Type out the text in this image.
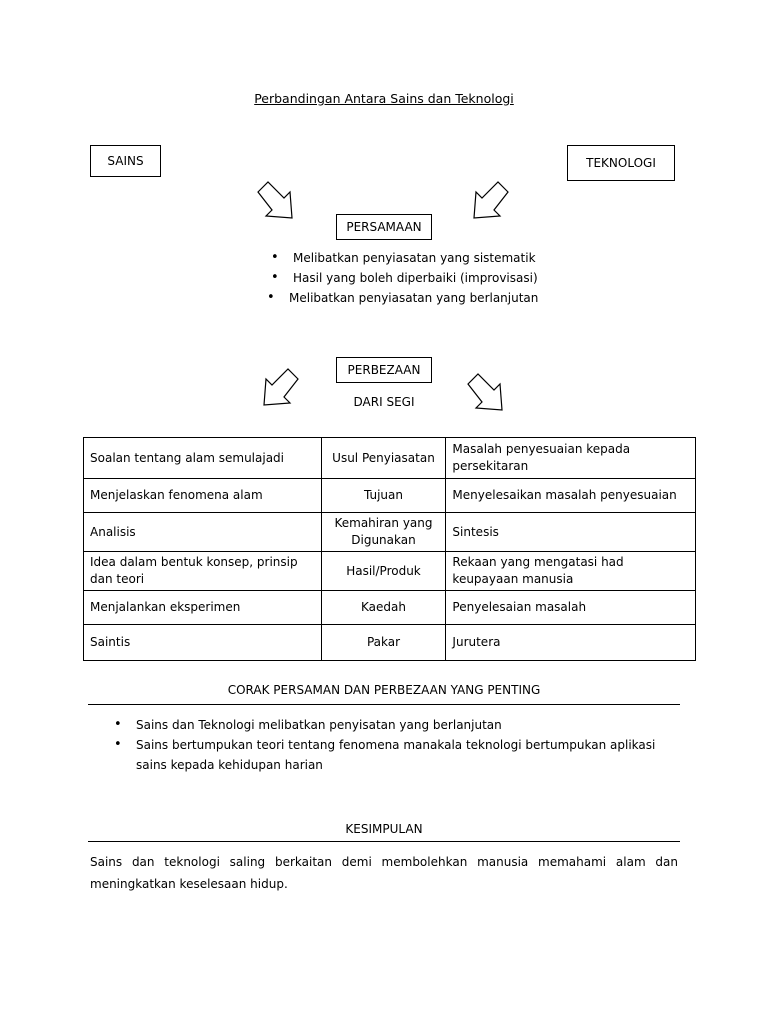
Perbandingan Antara Sains dan Teknologi
SAINS	TEKNOLOGI
PERSAMAAN
• Melibatkan penyiasatan yang sistematik
• Hasil yang boleh diperbaiki (improvisasi)
• Melibatkan penyiasatan yang berlanjutan
PERBEZAAN
DARI SEGI
Soalan tentang alam semulajadi	Usul Penyiasatan	Masalah penyesuaian kepada persekitaran
Menjelaskan fenomena alam	Tujuan	Menyelesaikan masalah penyesuaian
Analisis	Kemahiran yang Digunakan	Sintesis
Idea dalam bentuk konsep, prinsip dan teori	Hasil/Produk	Rekaan yang mengatasi had keupayaan manusia
Menjalankan eksperimen	Kaedah	Penyelesaian masalah
Saintis	Pakar	Jurutera
CORAK PERSAMAN DAN PERBEZAAN YANG PENTING
• Sains dan Teknologi melibatkan penyisatan yang berlanjutan
• Sains bertumpukan teori tentang fenomena manakala teknologi bertumpukan aplikasi sains kepada kehidupan harian
KESIMPULAN
Sains dan teknologi saling berkaitan demi membolehkan manusia memahami alam dan meningkatkan keselesaan hidup.
